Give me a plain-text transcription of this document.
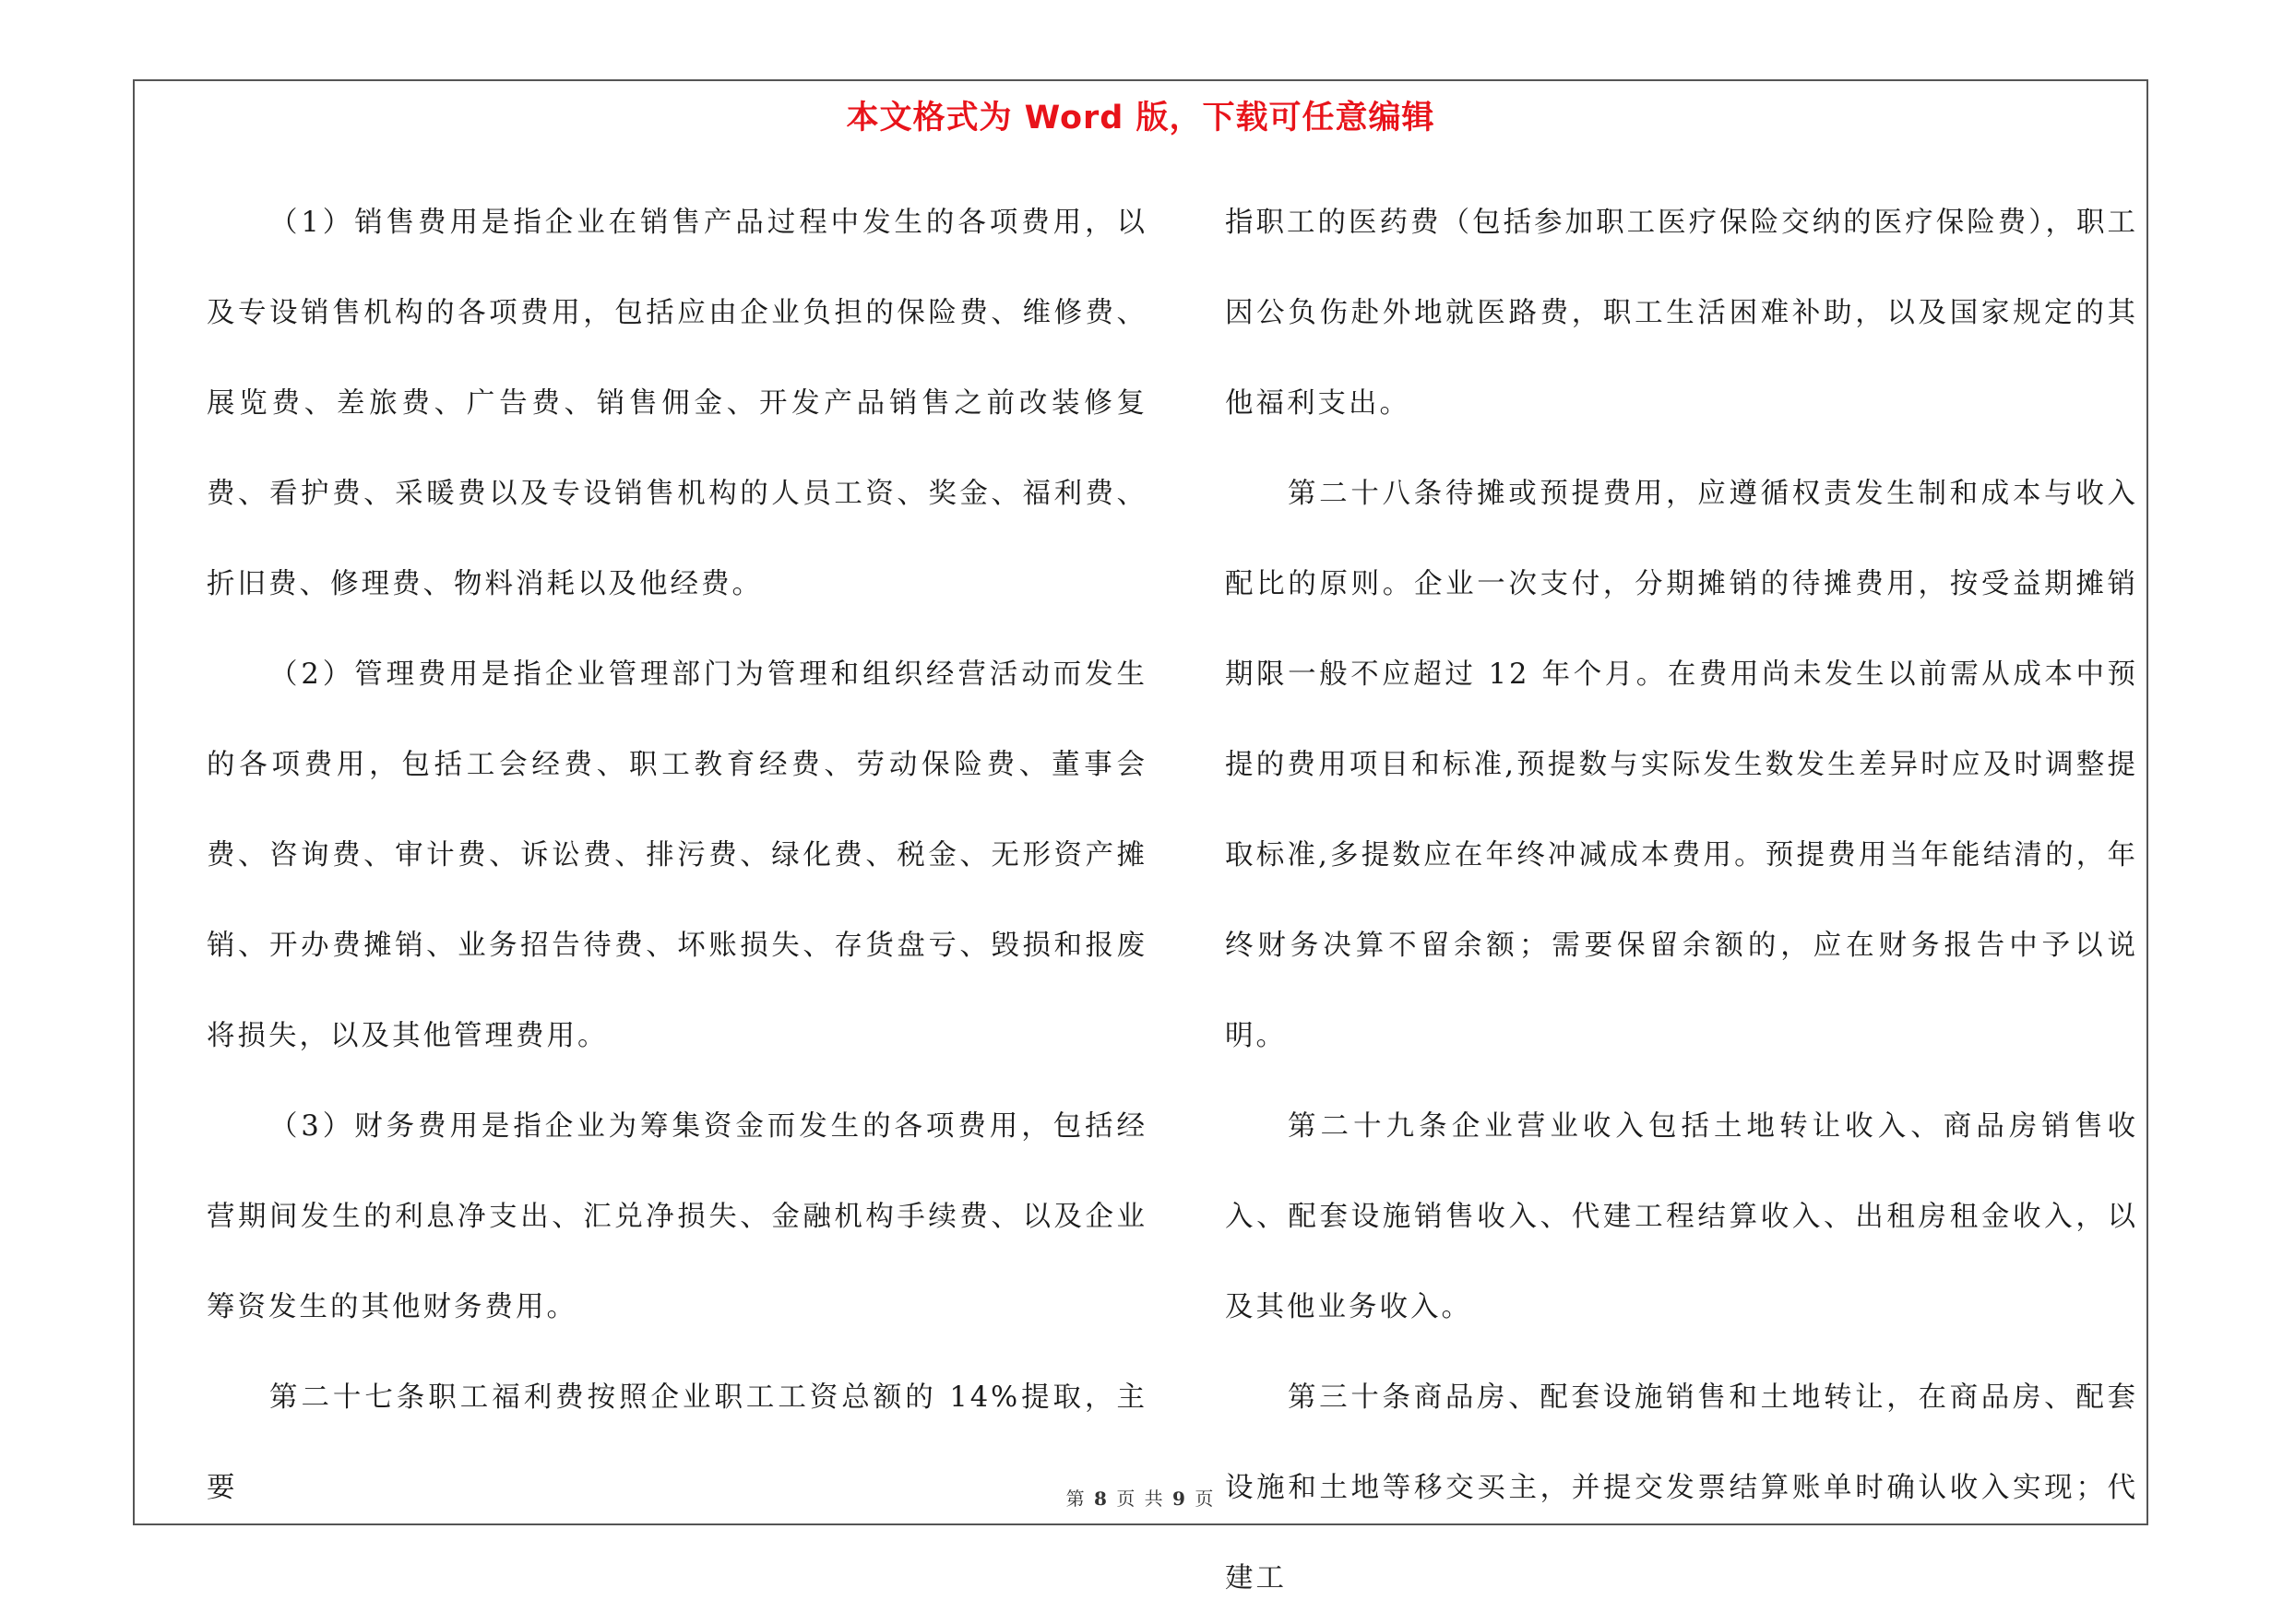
本文格式为 Word 版，下载可任意编辑

（1）销售费用是指企业在销售产品过程中发生的各项费用，以及专设销售机构的各项费用，包括应由企业负担的保险费、维修费、展览费、差旅费、广告费、销售佣金、开发产品销售之前改装修复费、看护费、采暖费以及专设销售机构的人员工资、奖金、福利费、折旧费、修理费、物料消耗以及他经费。

（2）管理费用是指企业管理部门为管理和组织经营活动而发生的各项费用，包括工会经费、职工教育经费、劳动保险费、董事会费、咨询费、审计费、诉讼费、排污费、绿化费、税金、无形资产摊销、开办费摊销、业务招告待费、坏账损失、存货盘亏、毁损和报废将损失，以及其他管理费用。

（3）财务费用是指企业为筹集资金而发生的各项费用，包括经营期间发生的利息净支出、汇兑净损失、金融机构手续费、以及企业筹资发生的其他财务费用。

第二十七条职工福利费按照企业职工工资总额的 14%提取，主要

指职工的医药费（包括参加职工医疗保险交纳的医疗保险费），职工因公负伤赴外地就医路费，职工生活困难补助，以及国家规定的其他福利支出。

第二十八条待摊或预提费用，应遵循权责发生制和成本与收入配比的原则。企业一次支付，分期摊销的待摊费用，按受益期摊销期限一般不应超过 12 年个月。在费用尚未发生以前需从成本中预提的费用项目和标准,预提数与实际发生数发生差异时应及时调整提取标准,多提数应在年终冲减成本费用。预提费用当年能结清的，年终财务决算不留余额；需要保留余额的，应在财务报告中予以说明。

第二十九条企业营业收入包括土地转让收入、商品房销售收入、配套设施销售收入、代建工程结算收入、出租房租金收入，以及其他业务收入。

第三十条商品房、配套设施销售和土地转让，在商品房、配套设施和土地等移交买主，并提交发票结算账单时确认收入实现；代建工

第 8 页 共 9 页
